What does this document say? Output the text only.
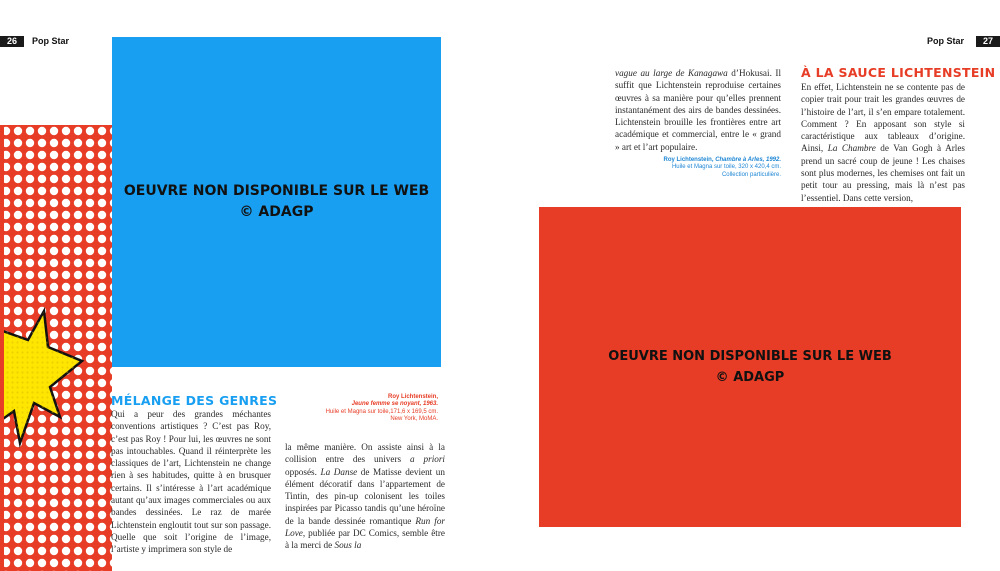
26	Pop Star	Pop Star	27
OEUVRE NON DISPONIBLE SUR LE WEB
© ADAGP
OEUVRE NON DISPONIBLE SUR LE WEB
© ADAGP
MÉLANGE DES GENRES	Roy Lichtenstein,
Jeune femme se noyant, 1963.
Huile et Magna sur toile,171,6 x 169,5 cm.
New York, MoMA.

Qui a peur des grandes méchantes conventions artistiques ? C’est pas Roy, c’est pas Roy ! Pour lui, les œuvres ne sont pas intouchables. Quand il réinterprète les classiques de l’art, Lichtenstein ne change rien à ses habitudes, quitte à en brusquer certains. Il s’intéresse à l’art académique autant qu’aux images commerciales ou aux bandes dessinées. Le raz de marée Lichtenstein engloutit tout sur son passage. Quelle que soit l’origine de l’image, l’artiste y imprimera son style de

la même manière. On assiste ainsi à la collision entre des univers a priori opposés. La Danse de Matisse devient un élément décoratif dans l’appartement de Tintin, des pin-up colonisent les toiles inspirées par Picasso tandis qu’une héroïne de la bande dessinée romantique Run for Love, publiée par DC Comics, semble être à la merci de Sous la

vague au large de Kanagawa d’Hokusai. Il suffit que Lichtenstein reproduise certaines œuvres à sa manière pour qu’elles prennent instantanément des airs de bandes dessinées. Lichtenstein brouille les frontières entre art académique et commercial, entre le « grand » art et l’art populaire.

Roy Lichtenstein, Chambre à Arles, 1992.
Huile et Magna sur toile, 320 x 420,4 cm.
Collection particulière.
À LA SAUCE LICHTENSTEIN

En effet, Lichtenstein ne se contente pas de copier trait pour trait les grandes œuvres de l’histoire de l’art, il s’en empare totalement. Comment ? En apposant son style si caractéristique aux tableaux d’origine. Ainsi, La Chambre de Van Gogh à Arles prend un sacré coup de jeune ! Les chaises sont plus modernes, les chemises ont fait un petit tour au pressing, mais là n’est pas l’essentiel. Dans cette version,
